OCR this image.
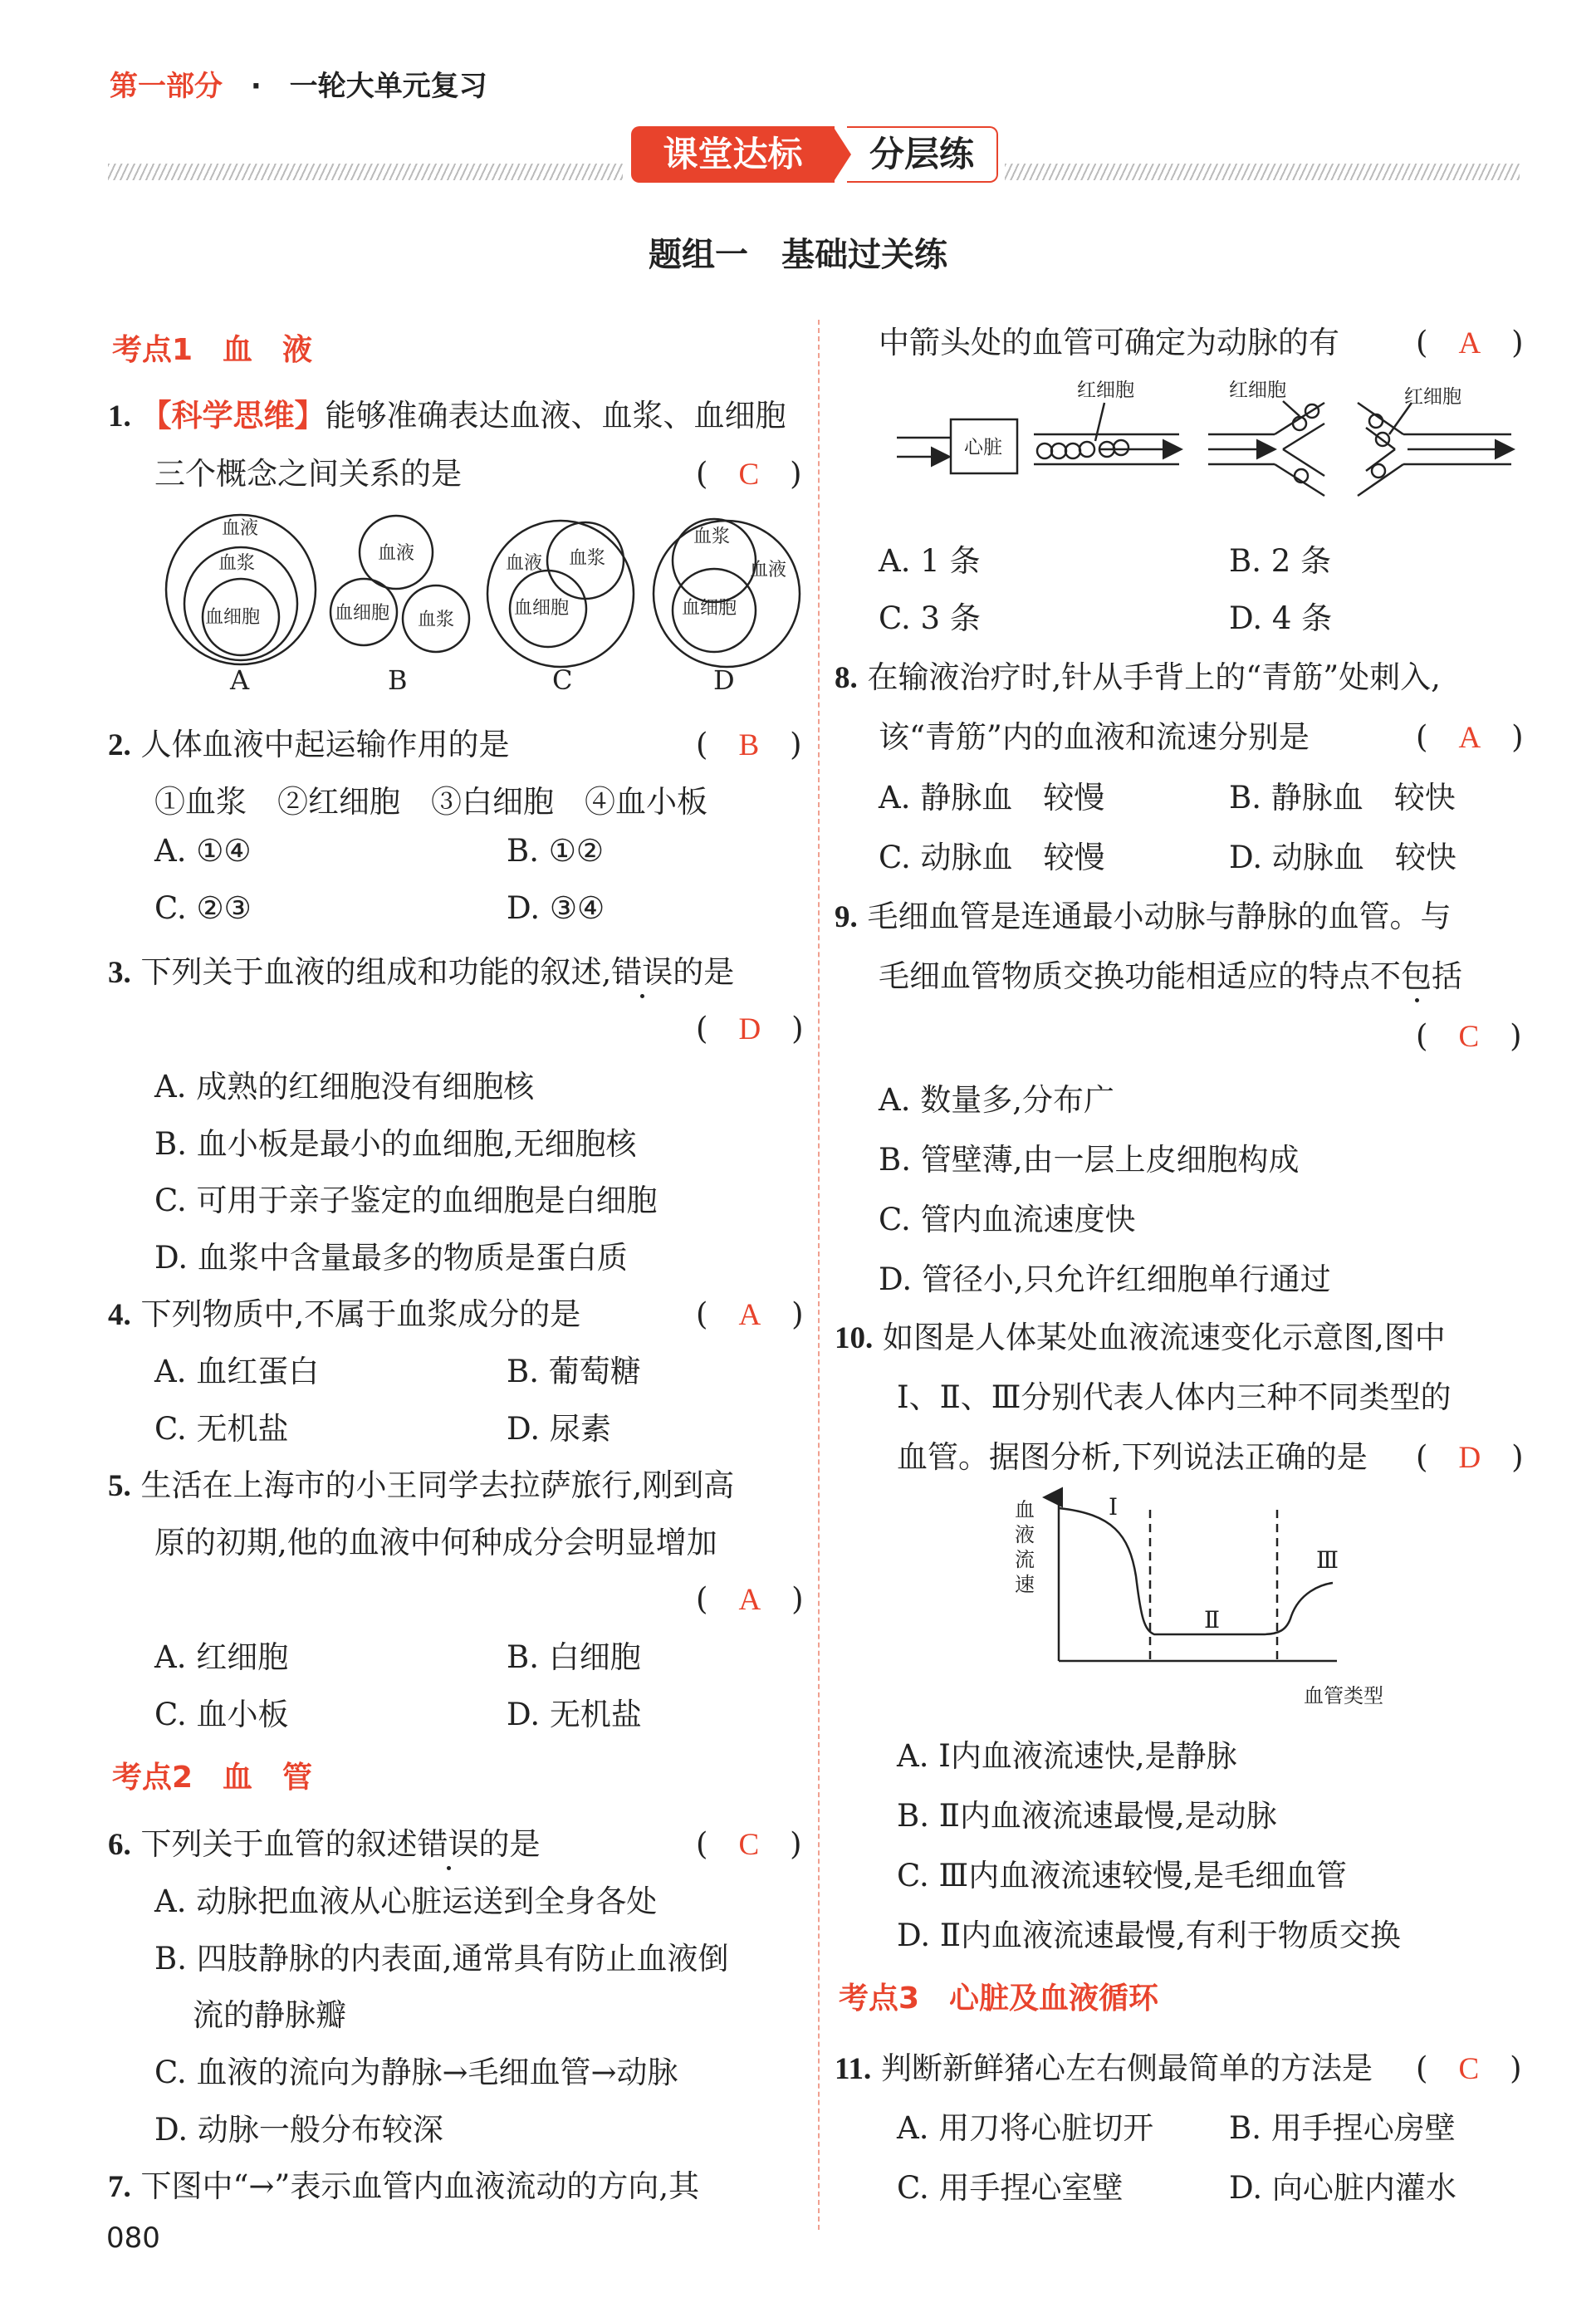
第一部分 · 一轮大单元复习
课堂达标	分层练
题组一　基础过关练
考点1　血　液
1. 【科学思维】能够准确表达血液、血浆、血细胞
三个概念之间关系的是	(　C　)
血液
血浆
血细胞
血液
血细胞 血浆
血液 血浆
血细胞
血浆
血液
血细胞
A	B	C	D
2. 人体血液中起运输作用的是	(　B　)
①血浆　②红细胞　③白细胞　④血小板
A. ①④	B. ①②
C. ②③	D. ③④
3. 下列关于血液的组成和功能的叙述,错误的是
(　D　)
A. 成熟的红细胞没有细胞核
B. 血小板是最小的血细胞,无细胞核
C. 可用于亲子鉴定的血细胞是白细胞
D. 血浆中含量最多的物质是蛋白质
4. 下列物质中,不属于血浆成分的是	(　A　)
A. 血红蛋白	B. 葡萄糖
C. 无机盐	D. 尿素
5. 生活在上海市的小王同学去拉萨旅行,刚到高
原的初期,他的血液中何种成分会明显增加
(　A　)
A. 红细胞	B. 白细胞
C. 血小板	D. 无机盐
考点2　血　管
6. 下列关于血管的叙述错误的是	(　C　)
A. 动脉把血液从心脏运送到全身各处
B. 四肢静脉的内表面,通常具有防止血液倒
流的静脉瓣
C. 血液的流向为静脉→毛细血管→动脉
D. 动脉一般分布较深
7. 下图中“→”表示血管内血液流动的方向,其
080
中箭头处的血管可确定为动脉的有 (　A　)
心脏
红细胞	红细胞	红细胞
A. 1 条	B. 2 条
C. 3 条	D. 4 条
8. 在输液治疗时,针从手背上的“青筋”处刺入,
该“青筋”内的血液和流速分别是	(　A　)
A. 静脉血　较慢	B. 静脉血　较快
C. 动脉血　较慢	D. 动脉血　较快
9. 毛细血管是连通最小动脉与静脉的血管。与
毛细血管物质交换功能相适应的特点不包括
(　C　)
A. 数量多,分布广
B. 管壁薄,由一层上皮细胞构成
C. 管内血流速度快
D. 管径小,只允许红细胞单行通过
10. 如图是人体某处血液流速变化示意图,图中
Ⅰ、Ⅱ、Ⅲ分别代表人体内三种不同类型的
血管。据图分析,下列说法正确的是 (　D　)
血
液
流
速
血管类型
Ⅰ
Ⅱ
Ⅲ
A. Ⅰ内血液流速快,是静脉
B. Ⅱ内血液流速最慢,是动脉
C. Ⅲ内血液流速较慢,是毛细血管
D. Ⅱ内血液流速最慢,有利于物质交换
考点3　心脏及血液循环
11. 判断新鲜猪心左右侧最简单的方法是 (　C　)
A. 用刀将心脏切开 B. 用手捏心房壁
C. 用手捏心室壁	D. 向心脏内灌水
